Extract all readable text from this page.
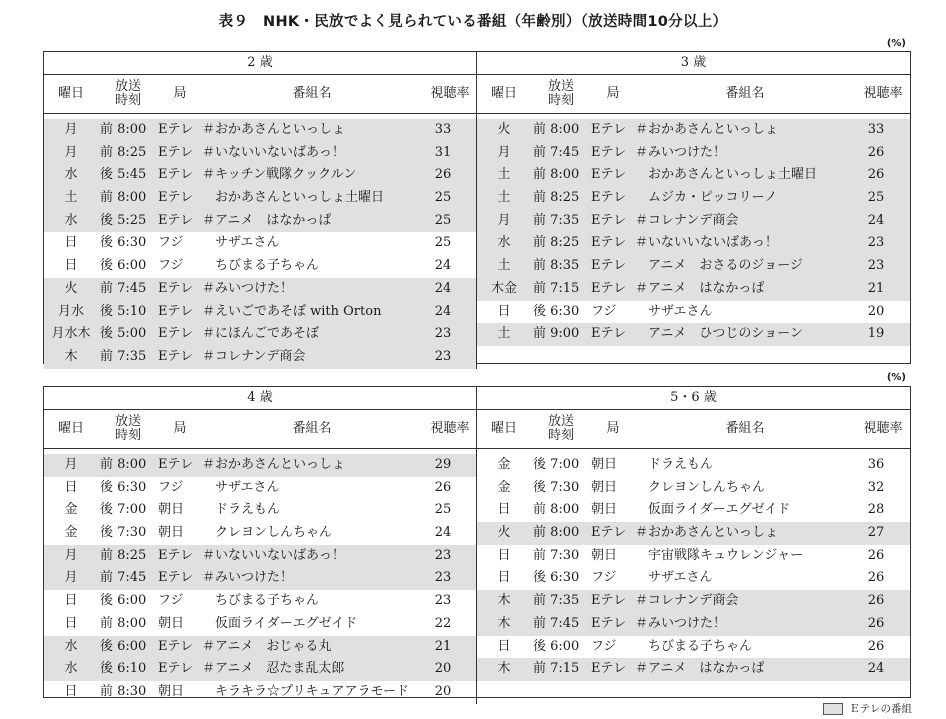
表９　NHK・民放でよく見られている番組（年齢別）（放送時間10分以上）
(%)
2 歳
曜日	放送
時刻	局	番組名	視聴率
月	前 8:00 Eテレ ＃おかあさんといっしょ	33
月	前 8:25 Eテレ ＃いないいないばあっ！	31
水	後 5:45 Eテレ ＃キッチン戦隊クックルン	26
土	前 8:00 Eテレ 　おかあさんといっしょ土曜日	25
水	後 5:25 Eテレ ＃アニメ　はなかっぱ	25
日	後 6:30 フジ	　サザエさん	25
日	後 6:00 フジ	　ちびまる子ちゃん	24
火	前 7:45 Eテレ ＃みいつけた！	24
月水	後 5:10 Eテレ ＃えいごであそぼ with Orton	24
月水木 後 5:00 Eテレ ＃にほんごであそぼ	23
木	前 7:35 Eテレ ＃コレナンデ商会	23
3 歳
曜日	放送
時刻	局	番組名	視聴率
火	前 8:00 Eテレ ＃おかあさんといっしょ	33
月	前 7:45 Eテレ ＃みいつけた！	26
土	前 8:00 Eテレ 　おかあさんといっしょ土曜日	26
土	前 8:25 Eテレ 　ムジカ・ピッコリーノ	25
月	前 7:35 Eテレ ＃コレナンデ商会	24
水	前 8:25 Eテレ ＃いないいないばあっ！	23
土	前 8:35 Eテレ 　アニメ　おさるのジョージ	23
木金	前 7:15 Eテレ ＃アニメ　はなかっぱ	21
日	後 6:30 フジ	　サザエさん	20
土	前 9:00 Eテレ 　アニメ　ひつじのショーン	19
(%)
4 歳
曜日	放送
時刻	局	番組名	視聴率
月	前 8:00 Eテレ ＃おかあさんといっしょ	29
日	後 6:30 フジ	　サザエさん	26
金	後 7:00 朝日	　ドラえもん	25
金	後 7:30 朝日	　クレヨンしんちゃん	24
月	前 8:25 Eテレ ＃いないいないばあっ！	23
月	前 7:45 Eテレ ＃みいつけた！	23
日	後 6:00 フジ	　ちびまる子ちゃん	23
日	前 8:00 朝日	　仮面ライダーエグゼイド	22
水	後 6:00 Eテレ ＃アニメ　おじゃる丸	21
水	後 6:10 Eテレ ＃アニメ　忍たま乱太郎	20
日	前 8:30 朝日	　キラキラ☆プリキュアアラモード	20
5・6 歳
曜日	放送
時刻	局	番組名	視聴率
金	後 7:00 朝日	　ドラえもん	36
金	後 7:30 朝日	　クレヨンしんちゃん	32
日	前 8:00 朝日	　仮面ライダーエグゼイド	28
火	前 8:00 Eテレ ＃おかあさんといっしょ	27
日	前 7:30 朝日	　宇宙戦隊キュウレンジャー	26
日	後 6:30 フジ	　サザエさん	26
木	前 7:35 Eテレ ＃コレナンデ商会	26
木	前 7:45 Eテレ ＃みいつけた！	26
日	後 6:00 フジ	　ちびまる子ちゃん	26
木	前 7:15 Eテレ ＃アニメ　はなかっぱ	24
Ｅテレの番組
